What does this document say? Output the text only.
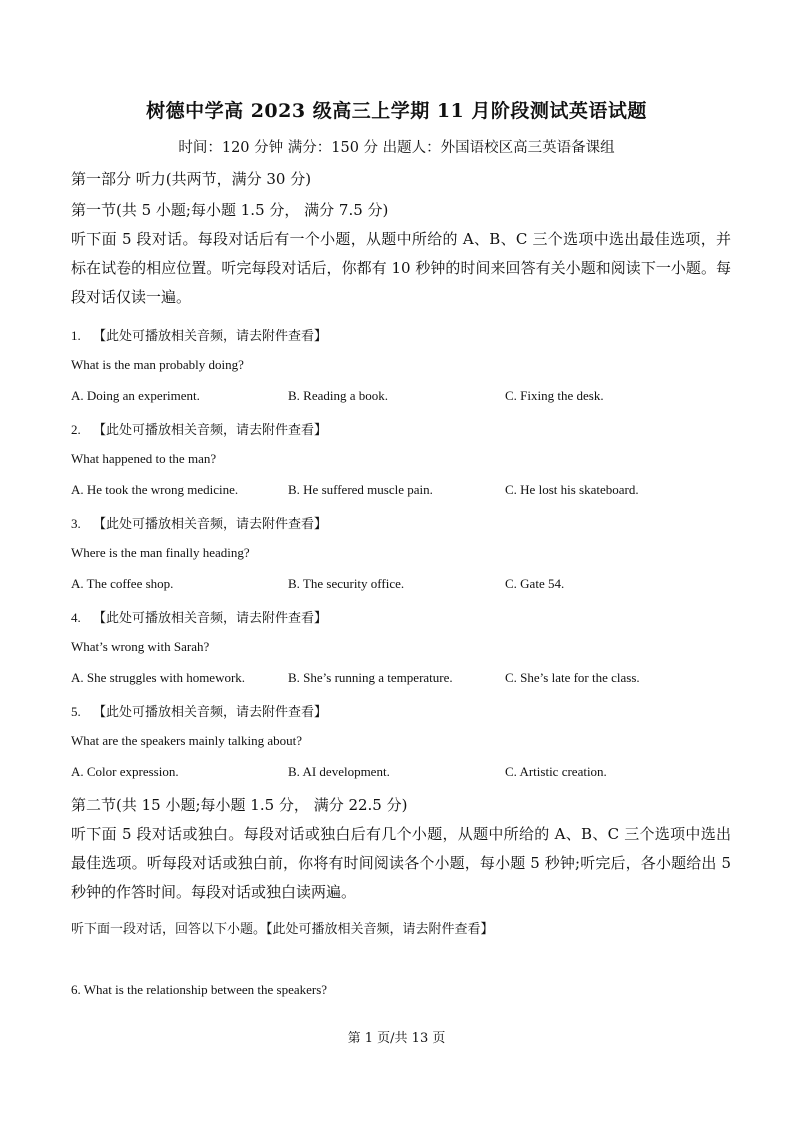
树德中学高 2023 级高三上学期 11 月阶段测试英语试题
时间：120 分钟 满分：150 分 出题人：外国语校区高三英语备课组
第一部分 听力(共两节，满分 30 分)
第一节(共 5 小题;每小题 1.5 分， 满分 7.5 分)
听下面 5 段对话。每段对话后有一个小题，从题中所给的 A、B、C 三个选项中选出最佳选项，并标在试卷的相应位置。听完每段对话后，你都有 10 秒钟的时间来回答有关小题和阅读下一小题。每段对话仅读一遍。
1. 【此处可播放相关音频，请去附件查看】
What is the man probably doing?
A. Doing an experiment.	B. Reading a book.	C. Fixing the desk.
2. 【此处可播放相关音频，请去附件查看】
What happened to the man?
A. He took the wrong medicine.	B. He suffered muscle pain.	C. He lost his skateboard.
3. 【此处可播放相关音频，请去附件查看】
Where is the man finally heading?
A. The coffee shop.	B. The security office.	C. Gate 54.
4. 【此处可播放相关音频，请去附件查看】
What’s wrong with Sarah?
A. She struggles with homework.	B. She’s running a temperature.	C. She’s late for the class.
5. 【此处可播放相关音频，请去附件查看】
What are the speakers mainly talking about?
A. Color expression.	B. AI development.	C. Artistic creation.
第二节(共 15 小题;每小题 1.5 分， 满分 22.5 分)
听下面 5 段对话或独白。每段对话或独白后有几个小题，从题中所给的 A、B、C 三个选项中选出最佳选项。听每段对话或独白前，你将有时间阅读各个小题，每小题 5 秒钟;听完后，各小题给出 5 秒钟的作答时间。每段对话或独白读两遍。
听下面一段对话，回答以下小题。【此处可播放相关音频，请去附件查看】
6. What is the relationship between the speakers?
第 1 页/共 13 页
